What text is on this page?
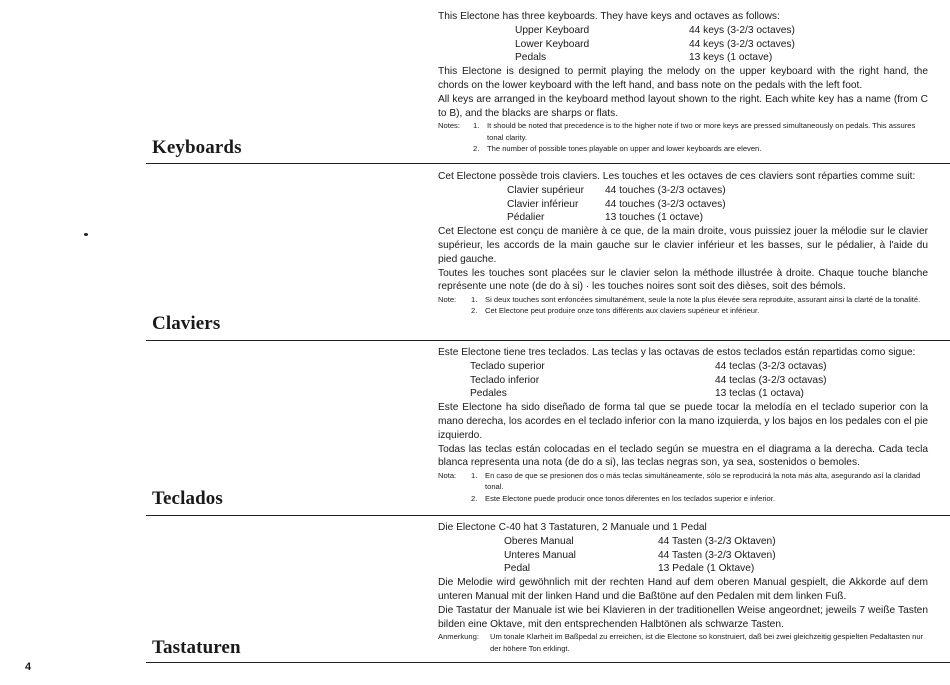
This Electone has three keyboards. They have keys and octaves as follows:

Upper Keyboard	44 keys (3-2/3 octaves)
Lower Keyboard	44 keys (3-2/3 octaves)
Pedals	13 keys (1 octave)

This Electone is designed to permit playing the melody on the upper keyboard with the right hand, the chords on the lower keyboard with the left hand, and bass note on the pedals with the left foot.

All keys are arranged in the keyboard method layout shown to the right. Each white key has a name (from C to B), and the blacks are sharps or flats.

Notes: 1. It should be noted that precedence is to the higher note if two or more keys are pressed simultaneously on pedals. This assures tonal clarity.
2. The number of possible tones playable on upper and lower keyboards are eleven.
Keyboards

Cet Electone possède trois claviers. Les touches et les octaves de ces claviers sont réparties comme suit:

Clavier supérieur 44 touches (3-2/3 octaves)
Clavier inférieur	44 touches (3-2/3 octaves)
Pédalier	13 touches (1 octave)

Cet Electone est conçu de manière à ce que, de la main droite, vous puissiez jouer la mélodie sur le clavier supérieur, les accords de la main gauche sur le clavier inférieur et les basses, sur le pédalier, à l'aide du pied gauche.

Toutes les touches sont placées sur le clavier selon la méthode illustrée à droite. Chaque touche blanche représente une note (de do à si) · les touches noires sont soit des dièses, soit des bémols.

Note: 1. Si deux touches sont enfoncées simultanément, seule la note la plus élevée sera reproduite, assurant ainsi la clarté de la tonalité.
2. Cet Electone peut produire onze tons différents aux claviers supérieur et inférieur.
Claviers

Este Electone tiene tres teclados. Las teclas y las octavas de estos teclados están repartidas como sigue:

Teclado superior	44 teclas (3-2/3 octavas)
Teclado inferior	44 teclas (3-2/3 octavas)
Pedales	13 teclas (1 octava)

Este Electone ha sido diseñado de forma tal que se puede tocar la melodía en el teclado superior con la mano derecha, los acordes en el teclado inferior con la mano izquierda, y los bajos en los pedales con el pie izquierdo.

Todas las teclas están colocadas en el teclado según se muestra en el diagrama a la derecha. Cada tecla blanca representa una nota (de do a si), las teclas negras son, ya sea, sostenidos o bemoles.

Nota: 1. En caso de que se presionen dos o más teclas simultáneamente, sólo se reproducirá la nota más alta, asegurando así la claridad tonal.
2. Este Electone puede producir once tonos diferentes en los teclados superior e inferior.
Teclados

Die Electone C-40 hat 3 Tastaturen, 2 Manuale und 1 Pedal

Oberes Manual	44 Tasten (3-2/3 Oktaven)
Unteres Manual	44 Tasten (3-2/3 Oktaven)
Pedal	13 Pedale (1 Oktave)

Die Melodie wird gewöhnlich mit der rechten Hand auf dem oberen Manual gespielt, die Akkorde auf dem unteren Manual mit der linken Hand und die Baßtöne auf den Pedalen mit dem linken Fuß.

Die Tastatur der Manuale ist wie bei Klavieren in der traditionellen Weise angeordnet; jeweils 7 weiße Tasten bilden eine Oktave, mit den entsprechenden Halbtönen als schwarze Tasten.

Anmerkung: Um tonale Klarheit im Baßpedal zu erreichen, ist die Electone so konstruiert, daß bei zwei gleichzeitig gespielten Pedaltasten nur der höhere Ton erklingt.
Tastaturen
4
